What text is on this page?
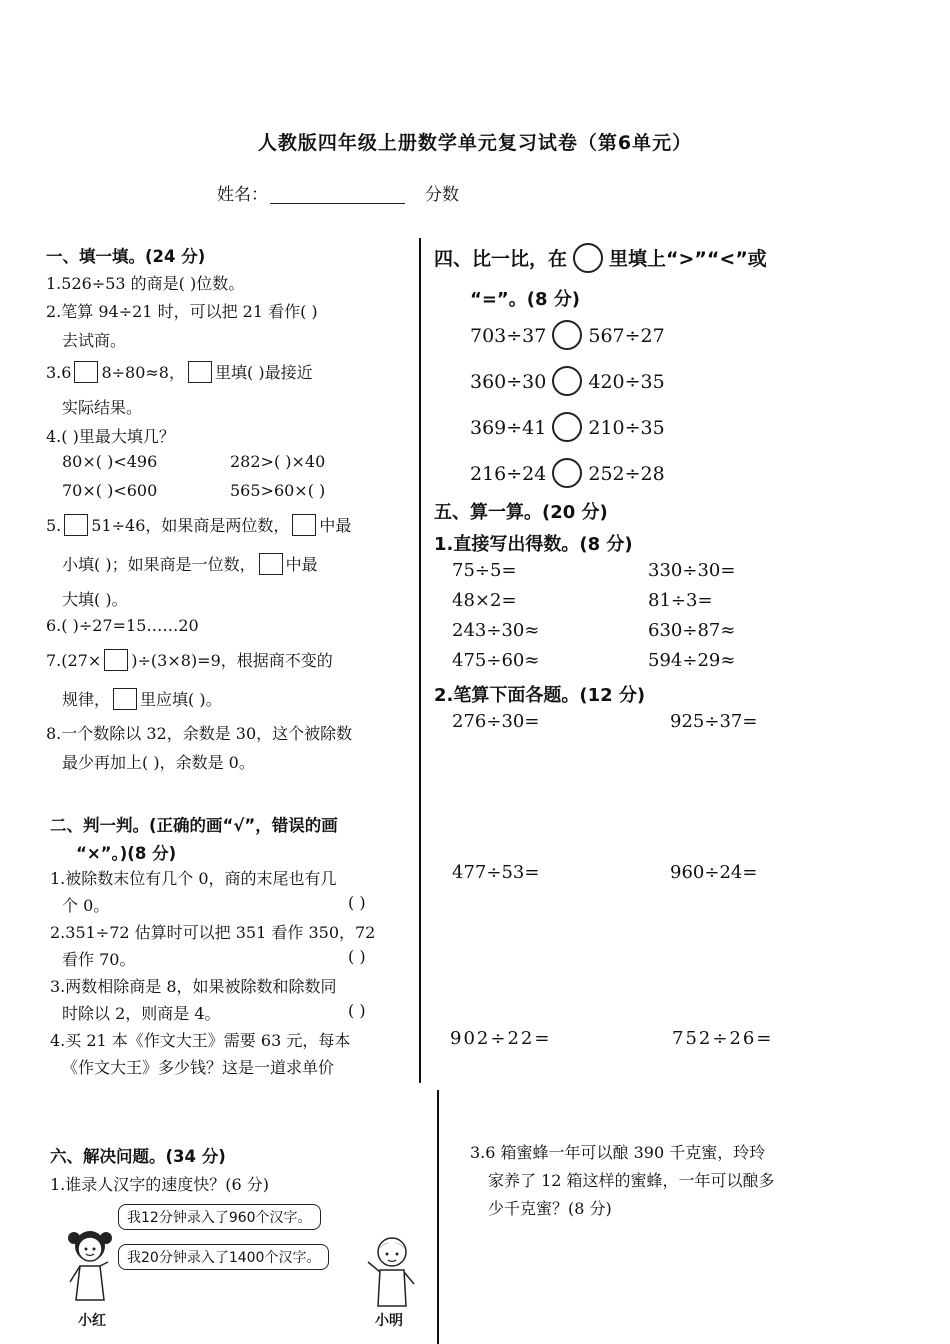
人教版四年级上册数学单元复习试卷（第6单元）
姓名：	分数
一、填一填。(24 分)
1.526÷53 的商是( )位数。
2.笔算 94÷21 时，可以把 21 看作( )
去试商。
3.6 8÷80≈8， 里填( )最接近
实际结果。
4.( )里最大填几？
80×( )<496	282>( )×40
70×( )<600	565>60×( )
5. 51÷46，如果商是两位数， 中最
小填( )；如果商是一位数， 中最
大填( )。
6.( )÷27=15……20
7.(27× )÷(3×8)=9，根据商不变的
规律， 里应填( )。
8.一个数除以 32，余数是 30，这个被除数
最少再加上( )，余数是 0。
二、判一判。(正确的画“√”，错误的画
“×”。)(8 分)
1.被除数末位有几个 0，商的末尾也有几
个 0。	( )
2.351÷72 估算时可以把 351 看作 350，72
看作 70。	( )
3.两数相除商是 8，如果被除数和除数同
时除以 2，则商是 4。	( )
4.买 21 本《作文大王》需要 63 元，每本
《作文大王》多少钱？这是一道求单价
四、比一比，在 里填上“>”“<”或
“=”。(8 分)
703÷37 567÷27
360÷30 420÷35
369÷41 210÷35
216÷24 252÷28
五、算一算。(20 分)
1.直接写出得数。(8 分)
75÷5=	330÷30=
48×2=	81÷3=
243÷30≈	630÷87≈
475÷60≈	594÷29≈
2.笔算下面各题。(12 分)
276÷30=	925÷37=
477÷53=	960÷24=
902÷22=	752÷26=
六、解决问题。(34 分)
1.谁录人汉字的速度快？(6 分)
我12分钟录入了960个汉字。
我20分钟录入了1400个汉字。
小红	小明
3.6 箱蜜蜂一年可以酿 390 千克蜜，玲玲
家养了 12 箱这样的蜜蜂，一年可以酿多
少千克蜜？(8 分)
